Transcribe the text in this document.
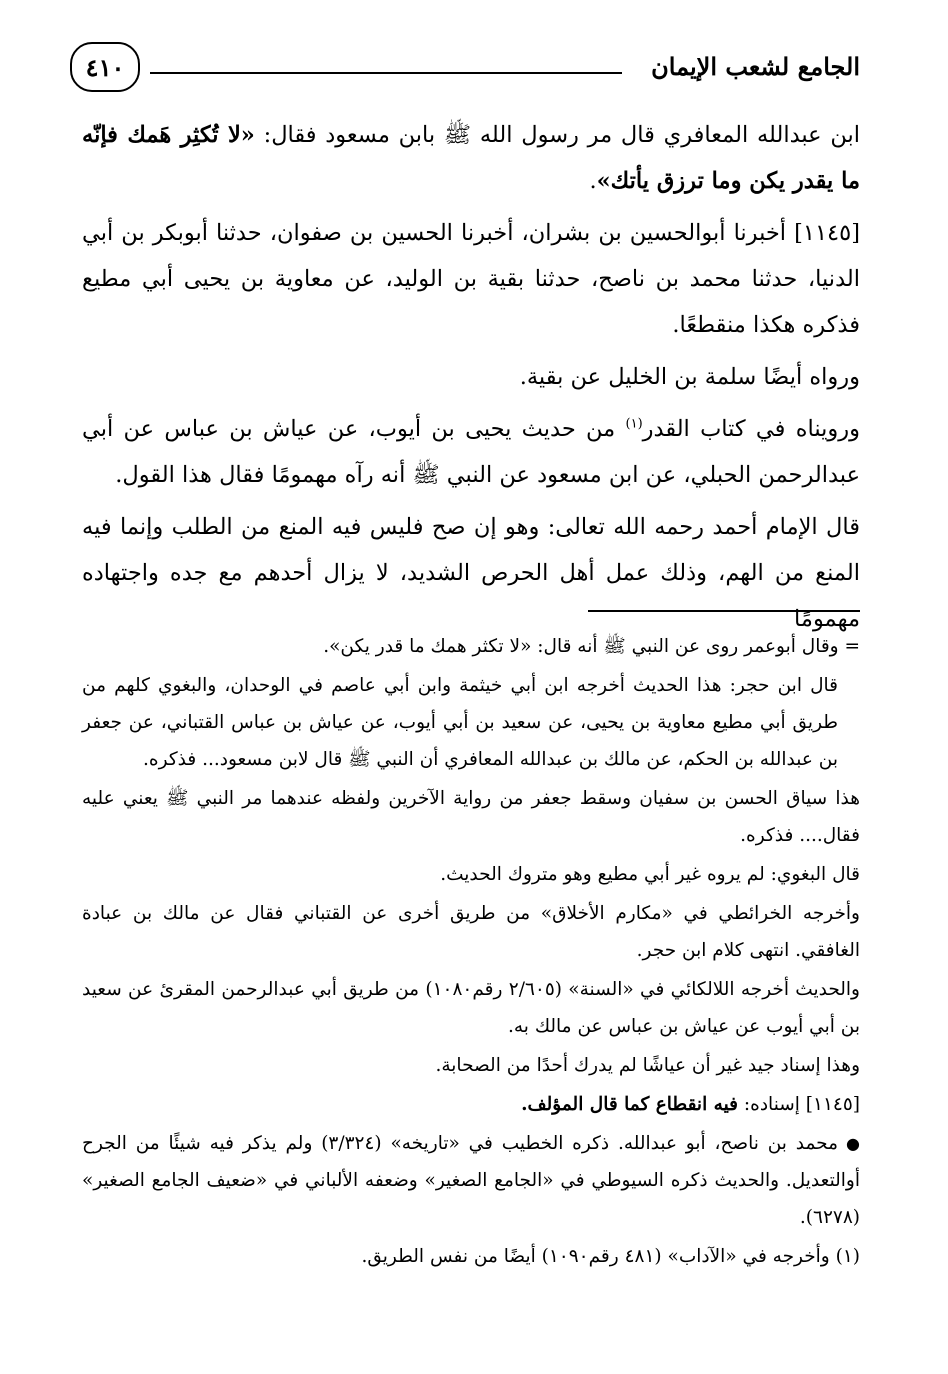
الجامع لشعب الإيمان
٤١٠

ابن عبدالله المعافري قال مر رسول الله ﷺ بابن مسعود فقال: «لا تُكثِر هَمك فإنّه ما يقدر يكن وما ترزق يأتك».

[١١٤٥] أخبرنا أبوالحسين بن بشران، أخبرنا الحسين بن صفوان، حدثنا أبوبكر بن أبي الدنيا، حدثنا محمد بن ناصح، حدثنا بقية بن الوليد، عن معاوية بن يحيى أبي مطيع فذكره هكذا منقطعًا.

ورواه أيضًا سلمة بن الخليل عن بقية.

ورويناه في كتاب القدر$^{(١)}$ من حديث يحيى بن أيوب، عن عياش بن عباس عن أبي عبدالرحمن الحبلي، عن ابن مسعود عن النبي ﷺ أنه رآه مهمومًا فقال هذا القول.

قال الإمام أحمد رحمه الله تعالى: وهو إن صح فليس فيه المنع من الطلب وإنما فيه المنع من الهم، وذلك عمل أهل الحرص الشديد، لا يزال أحدهم مع جده واجتهاده مهمومًا

= وقال أبوعمر روى عن النبي ﷺ أنه قال: «لا تكثر همك ما قدر يكن».

قال ابن حجر: هذا الحديث أخرجه ابن أبي خيثمة وابن أبي عاصم في الوحدان، والبغوي كلهم من طريق أبي مطيع معاوية بن يحيى، عن سعيد بن أبي أيوب، عن عياش بن عباس القتباني، عن جعفر بن عبدالله بن الحكم، عن مالك بن عبدالله المعافري أن النبي ﷺ قال لابن مسعود... فذكره.

هذا سياق الحسن بن سفيان وسقط جعفر من رواية الآخرين ولفظه عندهما مر النبي ﷺ يعني عليه فقال.... فذكره.

قال البغوي: لم يروه غير أبي مطيع وهو متروك الحديث.

وأخرجه الخرائطي في «مكارم الأخلاق» من طريق أخرى عن القتباني فقال عن مالك بن عبادة الغافقي. انتهى كلام ابن حجر.

والحديث أخرجه اللالكائي في «السنة» (٢/٦٠٥ رقم١٠٨٠) من طريق أبي عبدالرحمن المقرئ عن سعيد بن أبي أيوب عن عياش بن عباس عن مالك به.

وهذا إسناد جيد غير أن عياشًا لم يدرك أحدًا من الصحابة.

[١١٤٥] إسناده: فيه انقطاع كما قال المؤلف.

●محمد بن ناصح، أبو عبدالله. ذكره الخطيب في «تاريخه» (٣/٣٢٤) ولم يذكر فيه شيئًا من الجرح أوالتعديل. والحديث ذكره السيوطي في «الجامع الصغير» وضعفه الألباني في «ضعيف الجامع الصغير» (٦٢٧٨).

(١) وأخرجه في «الآداب» (٤٨١ رقم١٠٩٠) أيضًا من نفس الطريق.
